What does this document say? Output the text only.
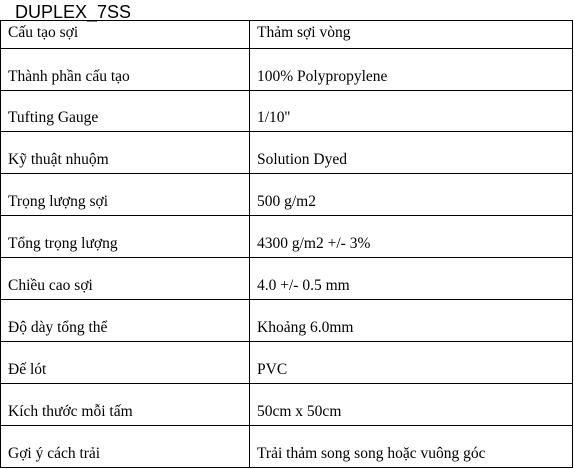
DUPLEX_7SS
Cấu tạo sợi	Thảm sợi vòng
Thành phần cấu tạo	100% Polypropylene
Tufting Gauge	1/10''
Kỹ thuật nhuộm	Solution Dyed
Trọng lượng sợi	500 g/m2
Tổng trọng lượng	4300 g/m2 +/- 3%
Chiều cao sợi	4.0 +/- 0.5 mm
Độ dày tổng thể	Khoảng 6.0mm
Đế lót	PVC
Kích thước mỗi tấm	50cm x 50cm
Gợi ý cách trải	Trải thảm song song hoặc vuông góc
